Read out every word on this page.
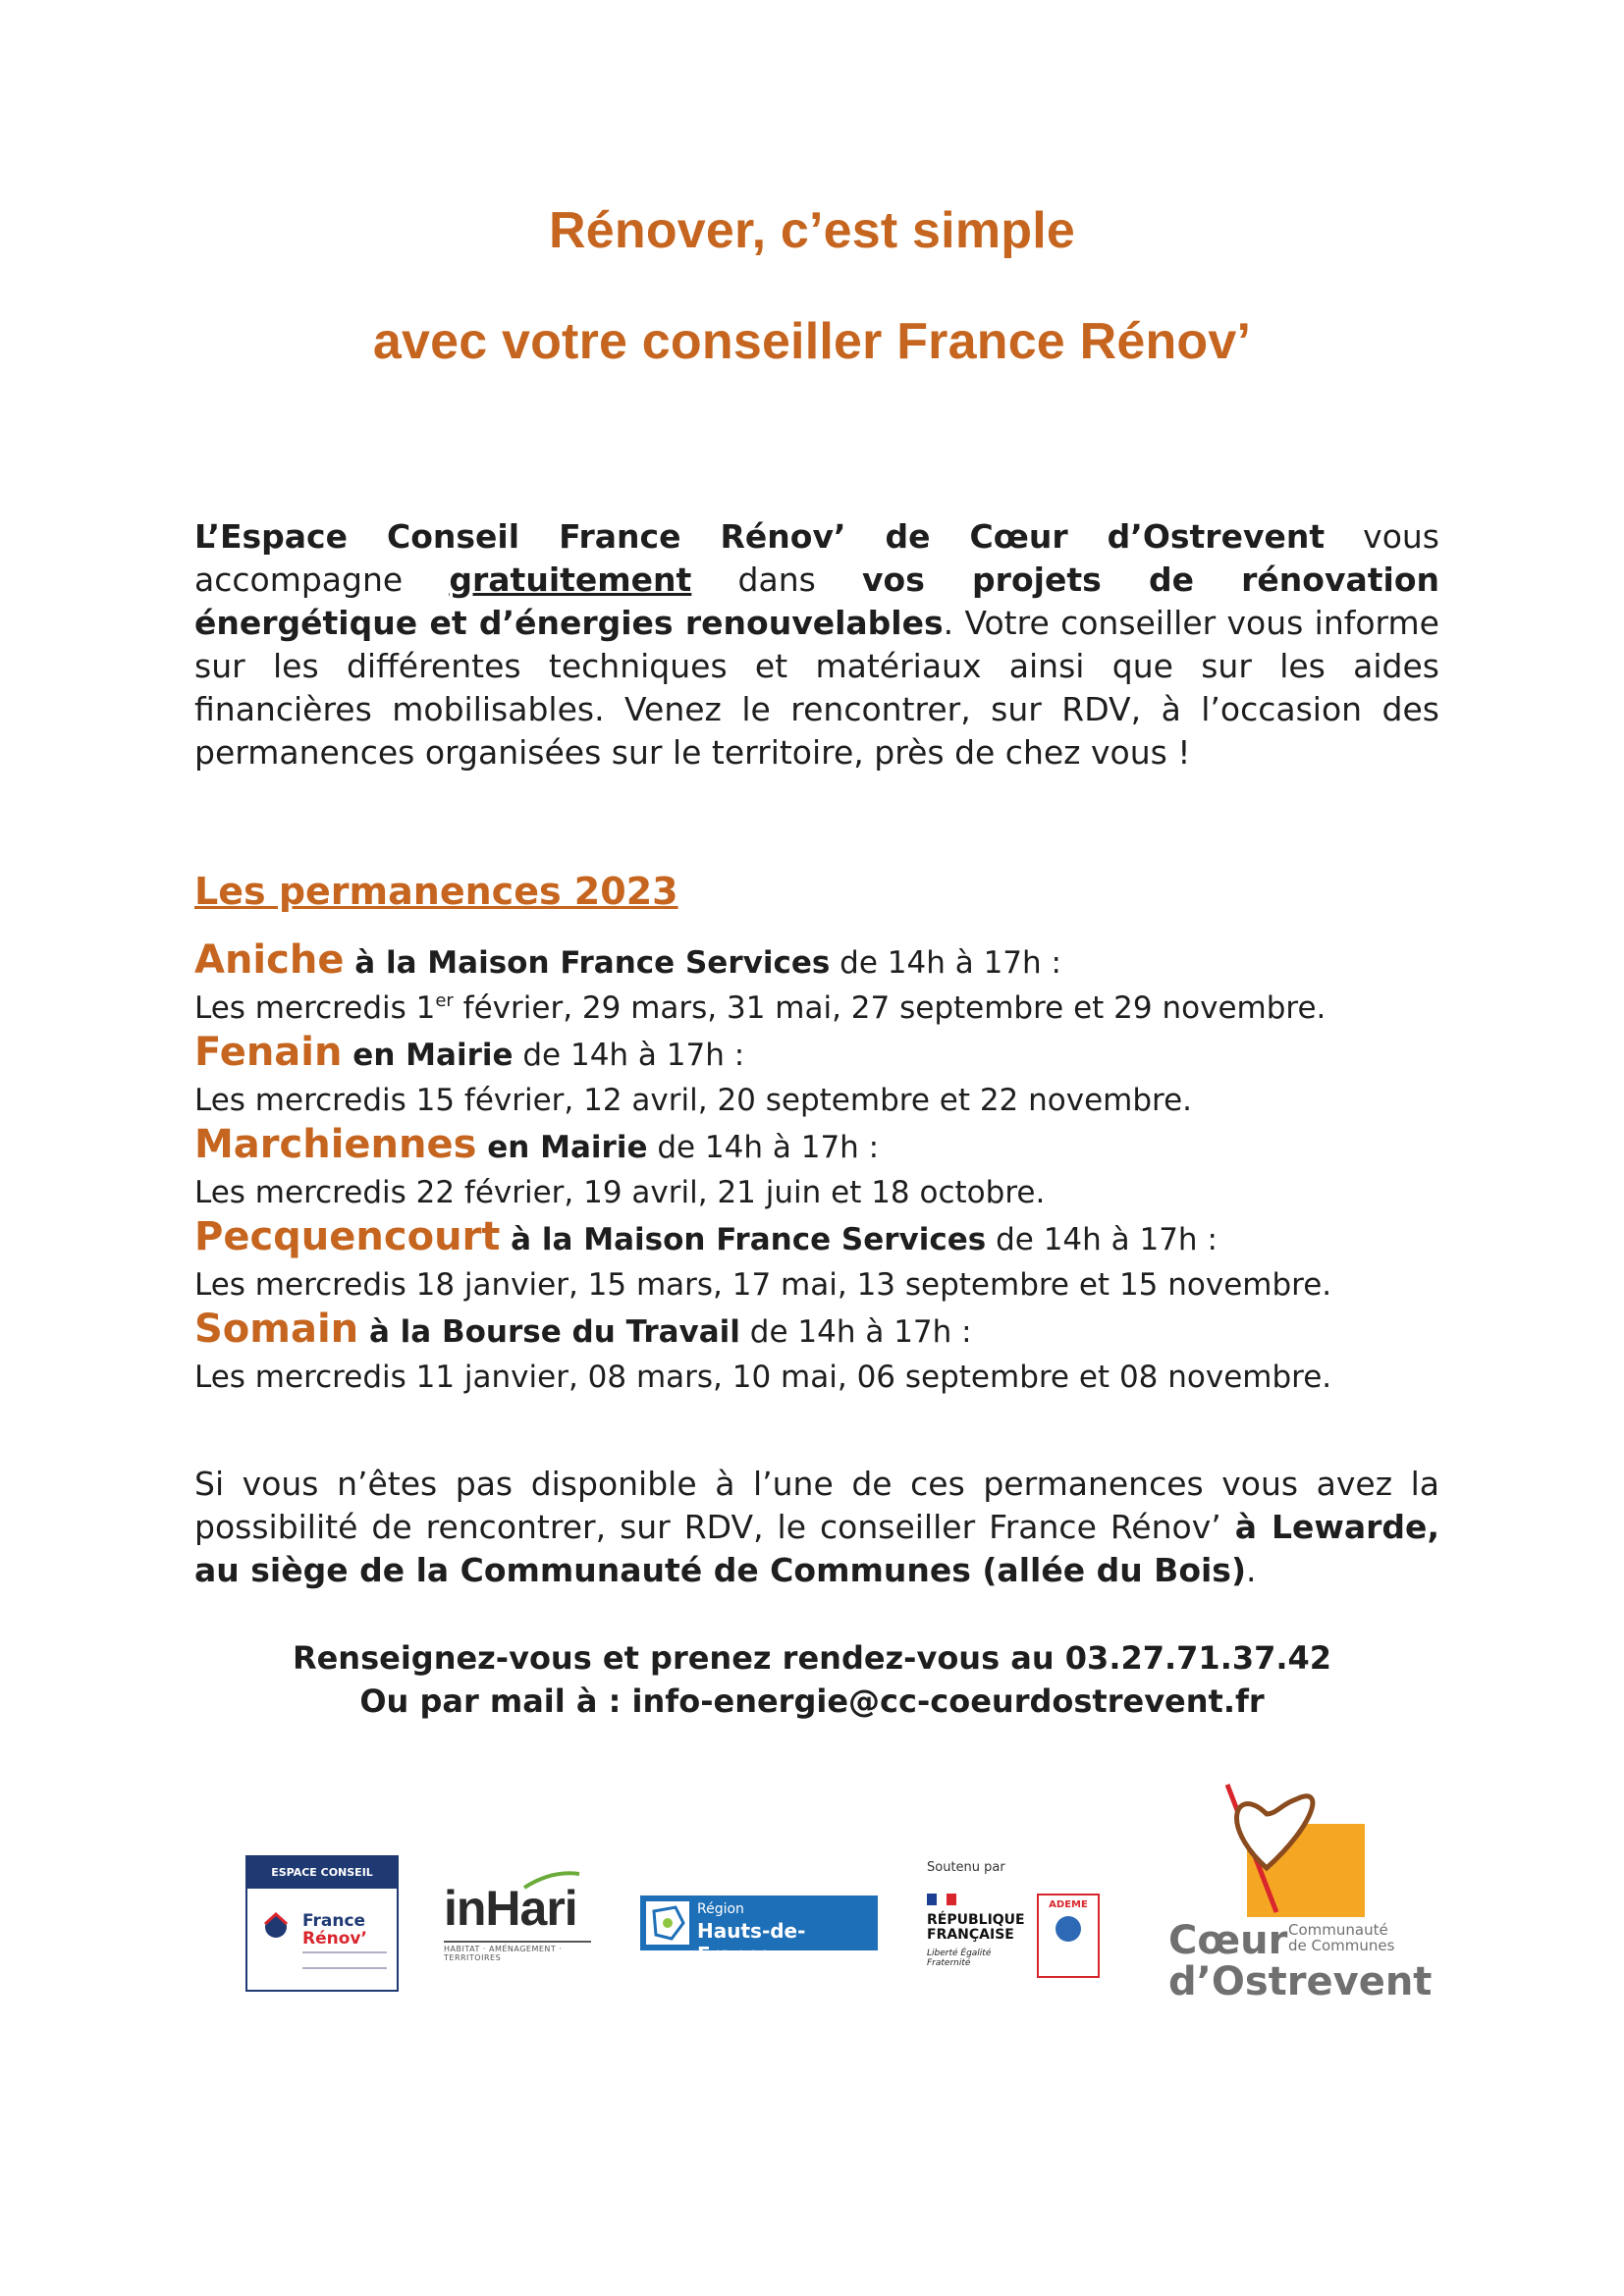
Rénover, c’est simple
avec votre conseiller France Rénov’
L’Espace Conseil France Rénov’ de Cœur d’Ostrevent vous accompagne gratuitement dans vos projets de rénovation énergétique et d’énergies renouvelables. Votre conseiller vous informe sur les différentes techniques et matériaux ainsi que sur les aides financières mobilisables. Venez le rencontrer, sur RDV, à l’occasion des permanences organisées sur le territoire, près de chez vous !
Les permanences 2023
Aniche à la Maison France Services de 14h à 17h :
Les mercredis 1er février, 29 mars, 31 mai, 27 septembre et 29 novembre.
Fenain en Mairie de 14h à 17h :
Les mercredis 15 février, 12 avril, 20 septembre et 22 novembre.
Marchiennes en Mairie de 14h à 17h :
Les mercredis 22 février, 19 avril, 21 juin et 18 octobre.
Pecquencourt à la Maison France Services de 14h à 17h :
Les mercredis 18 janvier, 15 mars, 17 mai, 13 septembre et 15 novembre.
Somain à la Bourse du Travail de 14h à 17h :
Les mercredis 11 janvier, 08 mars, 10 mai, 06 septembre et 08 novembre.
Si vous n’êtes pas disponible à l’une de ces permanences vous avez la possibilité de rencontrer, sur RDV, le conseiller France Rénov’ à Lewarde, au siège de la Communauté de Communes (allée du Bois).
Renseignez-vous et prenez rendez-vous au 03.27.71.37.42
Ou par mail à : info-energie@cc-coeurdostrevent.fr
ESPACE CONSEIL
France
Rénov’
inHari
HABITAT · AMÉNAGEMENT · TERRITOIRES
Région
Hauts-de-France
Soutenu par
RÉPUBLIQUE
FRANÇAISE
Liberté Égalité Fraternité
ADEME
Cœur
d’Ostrevent
Communauté
de Communes
